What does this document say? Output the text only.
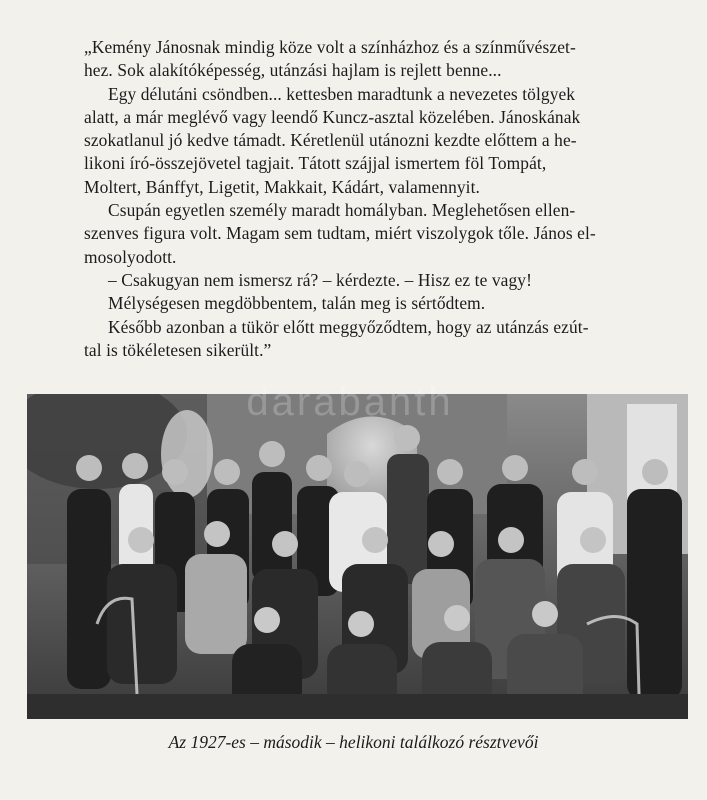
„Kemény Jánosnak mindig köze volt a színházhoz és a színművészet-
hez. Sok alakítóképesség, utánzási hajlam is rejlett benne...

Egy délutáni csöndben... kettesben maradtunk a nevezetes tölgyek
alatt, a már meglévő vagy leendő Kuncz-asztal közelében. Jánoskának
szokatlanul jó kedve támadt. Kéretlenül utánozni kezdte előttem a he-
likoni író-összejövetel tagjait. Tátott szájjal ismertem föl Tompát,
Moltert, Bánffyt, Ligetit, Makkait, Kádárt, valamennyit.

Csupán egyetlen személy maradt homályban. Meglehetősen ellen-
szenves figura volt. Magam sem tudtam, miért viszolygok tőle. János el-
mosolyodott.

– Csakugyan nem ismersz rá? – kérdezte. – Hisz ez te vagy!

Mélységesen megdöbbentem, talán meg is sértődtem.

Később azonban a tükör előtt meggyőződtem, hogy az utánzás ezút-
tal is tökéletesen sikerült.”

darabanth
Az 1927-es – második – helikoni találkozó résztvevői
